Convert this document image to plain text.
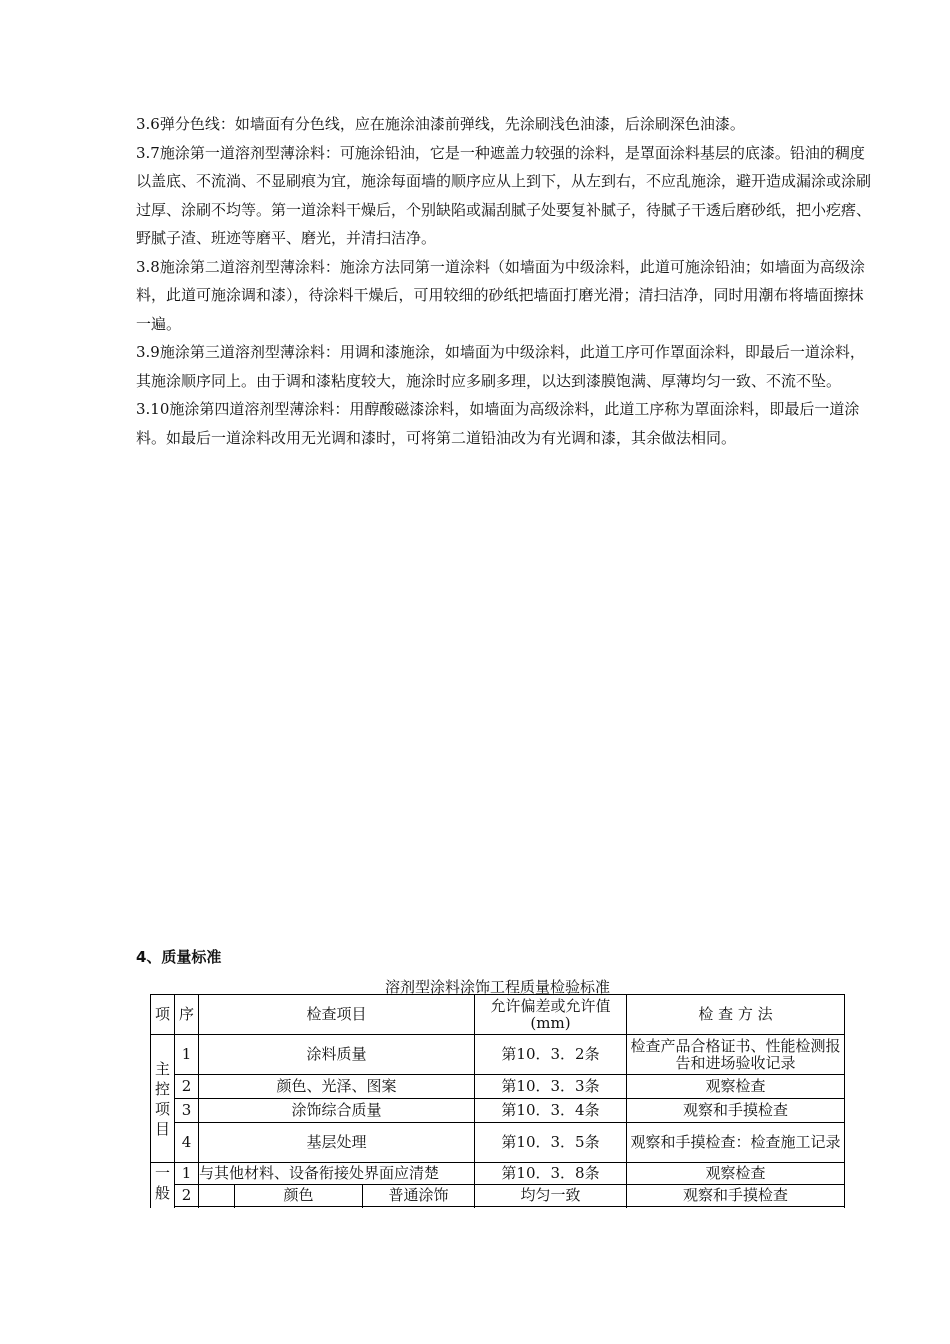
3.6弹分色线：如墙面有分色线，应在施涂油漆前弹线，先涂刷浅色油漆，后涂刷深色油漆。
3.7施涂第一道溶剂型薄涂料：可施涂铅油，它是一种遮盖力较强的涂料，是罩面涂料基层的底漆。铅油的稠度以盖底、不流淌、不显刷痕为宜，施涂每面墙的顺序应从上到下，从左到右，不应乱施涂，避开造成漏涂或涂刷过厚、涂刷不均等。第一道涂料干燥后，个别缺陷或漏刮腻子处要复补腻子，待腻子干透后磨砂纸，把小疙瘩、野腻子渣、班迹等磨平、磨光，并清扫洁净。
3.8施涂第二道溶剂型薄涂料：施涂方法同第一道涂料（如墙面为中级涂料，此道可施涂铅油；如墙面为高级涂料，此道可施涂调和漆），待涂料干燥后，可用较细的砂纸把墙面打磨光滑；清扫洁净，同时用潮布将墙面擦抹一遍。
3.9施涂第三道溶剂型薄涂料：用调和漆施涂，如墙面为中级涂料，此道工序可作罩面涂料，即最后一道涂料，其施涂顺序同上。由于调和漆粘度较大，施涂时应多刷多理，以达到漆膜饱满、厚薄均匀一致、不流不坠。
3.10施涂第四道溶剂型薄涂料：用醇酸磁漆涂料，如墙面为高级涂料，此道工序称为罩面涂料，即最后一道涂料。如最后一道涂料改用无光调和漆时，可将第二道铅油改为有光调和漆，其余做法相同。
4、质量标准
溶剂型涂料涂饰工程质量检验标准
项	序	检查项目			允许偏差或允许值(mm)	检 查 方 法
主控项目	1	涂料质量			第10．3．2条	检查产品合格证书、性能检测报告和进场验收记录
	2	颜色、光泽、图案			第10．3．3条	观察检查
	3	涂饰综合质量			第10．3．4条	观察和手摸检查
	4	基层处理			第10．3．5条	观察和手摸检查：检查施工记录
一般	1	与其他材料、设备衔接处界面应清楚			第10．3．8条	观察检查
	2		颜色	普通涂饰	均匀一致	观察和手摸检查
